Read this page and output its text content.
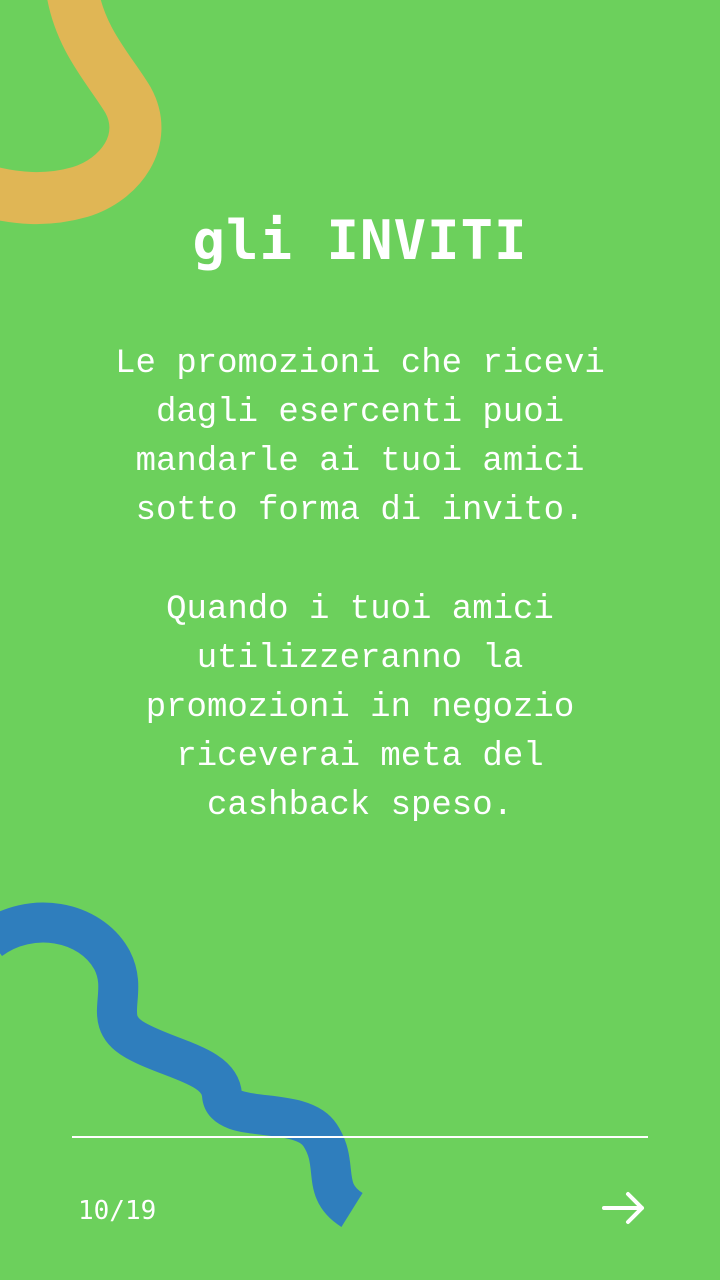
gli INVITI

Le promozioni che ricevi
dagli esercenti puoi
mandarle ai tuoi amici
sotto forma di invito.

Quando i tuoi amici
utilizzeranno la
promozioni in negozio
riceverai meta del
cashback speso.

10/19
